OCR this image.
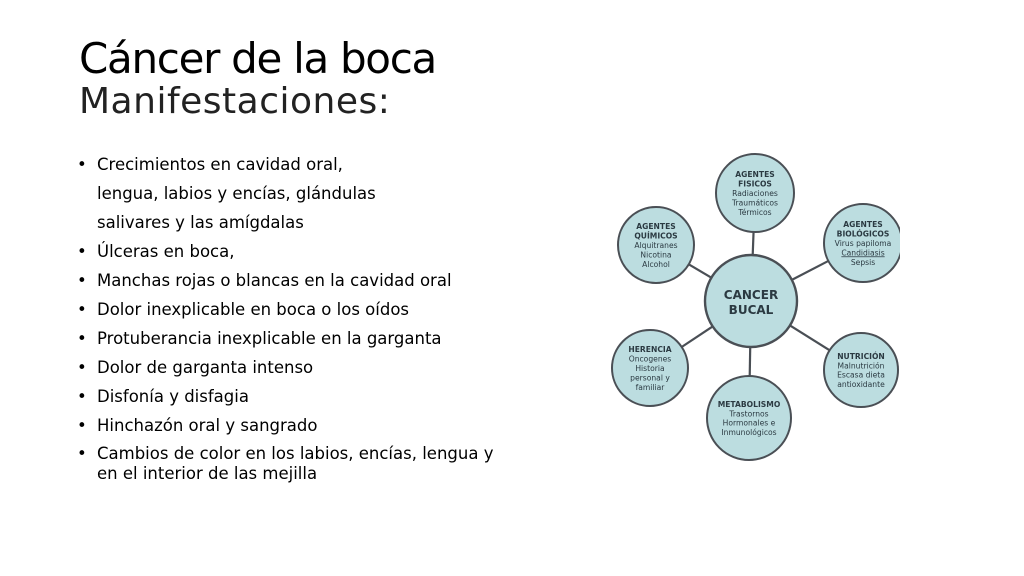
Cáncer de la boca
Manifestaciones:
• Crecimientos en cavidad oral,
lengua, labios y encías, glándulas
salivares y las amígdalas
• Úlceras en boca,
• Manchas rojas o blancas en la cavidad oral
• Dolor inexplicable en boca o los oídos
• Protuberancia inexplicable en la garganta
• Dolor de garganta intenso
• Disfonía y disfagia
• Hinchazón oral y sangrado
• Cambios de color en los labios, encías, lengua y en el interior de las mejilla
AGENTES
FISICOS
Radiaciones
Traumáticos
Térmicos
AGENTES
BIOLÓGICOS
Virus papiloma
Candidiasis
Sepsis
NUTRICIÓN
Malnutrición
Escasa dieta
antioxidante
METABOLISMO
Trastornos
Hormonales e
Inmunológicos
HERENCIA
Oncogenes
Historia
personal y
familiar
AGENTES
QUÍMICOS
Alquitranes
Nicotina
Alcohol
CANCER
BUCAL
